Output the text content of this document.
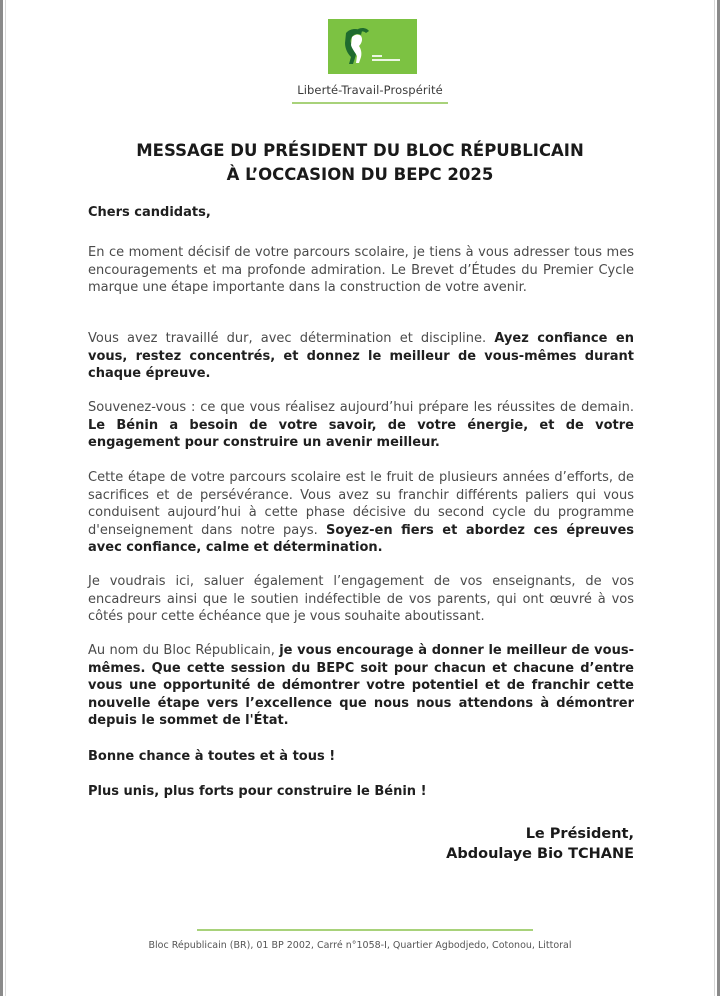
Liberté-Travail-Prospérité
MESSAGE DU PRÉSIDENT DU BLOC RÉPUBLICAIN
À L’OCCASION DU BEPC 2025

Chers candidats,

En ce moment décisif de votre parcours scolaire, je tiens à vous adresser tous mes encouragements et ma profonde admiration. Le Brevet d’Études du Premier Cycle marque une étape importante dans la construction de votre avenir.

Vous avez travaillé dur, avec détermination et discipline. Ayez confiance en vous, restez concentrés, et donnez le meilleur de vous-mêmes durant chaque épreuve.

Souvenez-vous : ce que vous réalisez aujourd’hui prépare les réussites de demain. Le Bénin a besoin de votre savoir, de votre énergie, et de votre engagement pour construire un avenir meilleur.

Cette étape de votre parcours scolaire est le fruit de plusieurs années d’efforts, de sacrifices et de persévérance. Vous avez su franchir différents paliers qui vous conduisent aujourd’hui à cette phase décisive du second cycle du programme d'enseignement dans notre pays. Soyez-en fiers et abordez ces épreuves avec confiance, calme et détermination.

Je voudrais ici, saluer également l’engagement de vos enseignants, de vos encadreurs ainsi que le soutien indéfectible de vos parents, qui ont œuvré à vos côtés pour cette échéance que je vous souhaite aboutissant.

Au nom du Bloc Républicain, je vous encourage à donner le meilleur de vous-mêmes. Que cette session du BEPC soit pour chacun et chacune d’entre vous une opportunité de démontrer votre potentiel et de franchir cette nouvelle étape vers l’excellence que nous nous attendons à démontrer depuis le sommet de l'État.

Bonne chance à toutes et à tous !

Plus unis, plus forts pour construire le Bénin !

Le Président,
Abdoulaye Bio TCHANE
Bloc Républicain (BR), 01 BP 2002, Carré n°1058-I, Quartier Agbodjedo, Cotonou, Littoral
